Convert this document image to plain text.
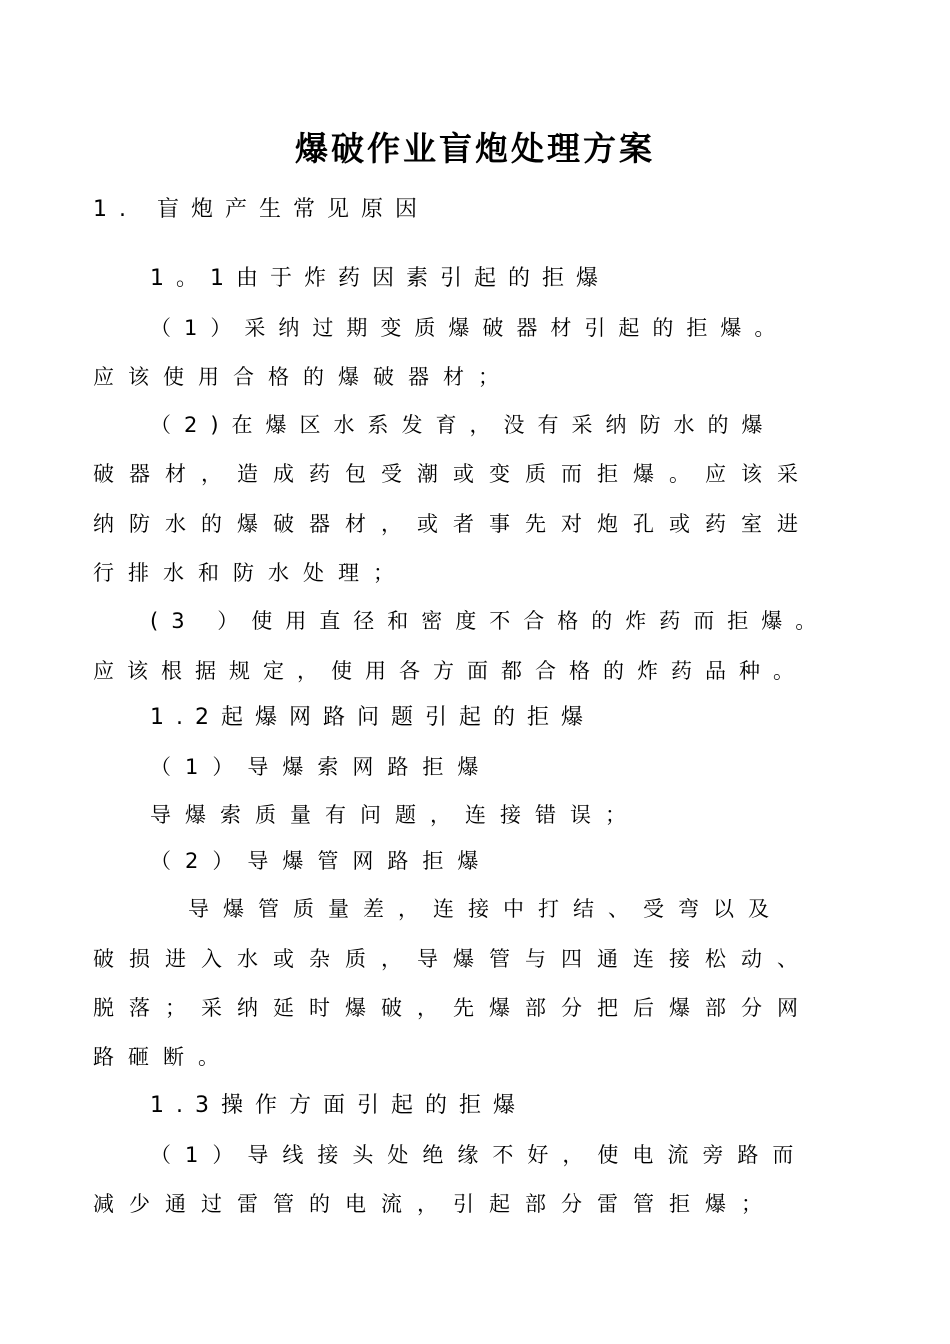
爆破作业盲炮处理方案
1. 盲炮产生常见原因
1。1由于炸药因素引起的拒爆
（1）采纳过期变质爆破器材引起的拒爆。
应该使用合格的爆破器材；
（2)在爆区水系发育，没有采纳防水的爆
破器材，造成药包受潮或变质而拒爆。应该采
纳防水的爆破器材，或者事先对炮孔或药室进
行排水和防水处理；
(3 ）使用直径和密度不合格的炸药而拒爆。
应该根据规定，使用各方面都合格的炸药品种。
1.2起爆网路问题引起的拒爆
（1）导爆索网路拒爆
导爆索质量有问题，连接错误；
（2）导爆管网路拒爆
导爆管质量差，连接中打结、受弯以及
破损进入水或杂质，导爆管与四通连接松动、
脱落；采纳延时爆破，先爆部分把后爆部分网
路砸断。
1.3操作方面引起的拒爆
（1）导线接头处绝缘不好，使电流旁路而
减少通过雷管的电流，引起部分雷管拒爆；
